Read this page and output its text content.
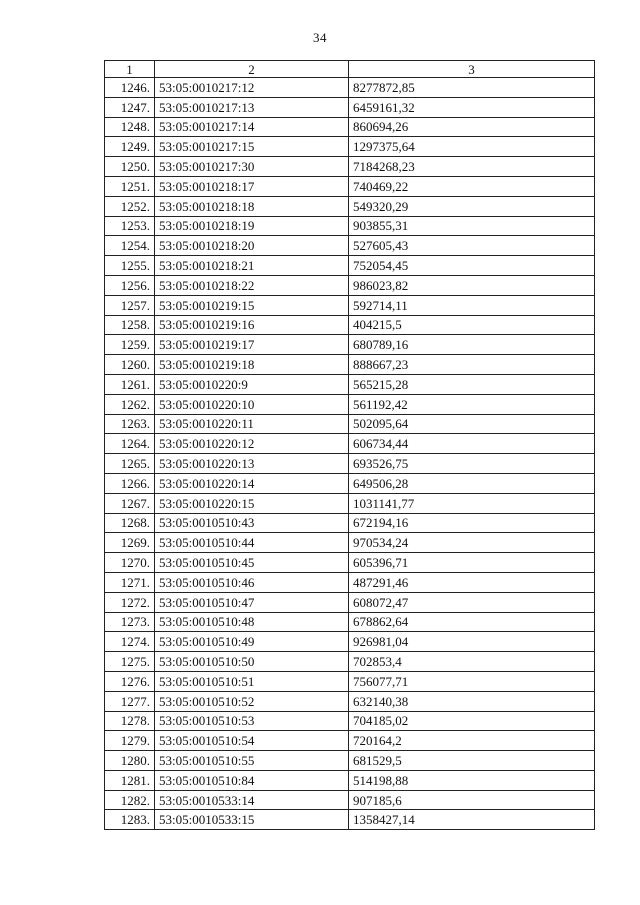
34
1	2	3
1246.	53:05:0010217:12	8277872,85
1247.	53:05:0010217:13	6459161,32
1248.	53:05:0010217:14	860694,26
1249.	53:05:0010217:15	1297375,64
1250.	53:05:0010217:30	7184268,23
1251.	53:05:0010218:17	740469,22
1252.	53:05:0010218:18	549320,29
1253.	53:05:0010218:19	903855,31
1254.	53:05:0010218:20	527605,43
1255.	53:05:0010218:21	752054,45
1256.	53:05:0010218:22	986023,82
1257.	53:05:0010219:15	592714,11
1258.	53:05:0010219:16	404215,5
1259.	53:05:0010219:17	680789,16
1260.	53:05:0010219:18	888667,23
1261.	53:05:0010220:9	565215,28
1262.	53:05:0010220:10	561192,42
1263.	53:05:0010220:11	502095,64
1264.	53:05:0010220:12	606734,44
1265.	53:05:0010220:13	693526,75
1266.	53:05:0010220:14	649506,28
1267.	53:05:0010220:15	1031141,77
1268.	53:05:0010510:43	672194,16
1269.	53:05:0010510:44	970534,24
1270.	53:05:0010510:45	605396,71
1271.	53:05:0010510:46	487291,46
1272.	53:05:0010510:47	608072,47
1273.	53:05:0010510:48	678862,64
1274.	53:05:0010510:49	926981,04
1275.	53:05:0010510:50	702853,4
1276.	53:05:0010510:51	756077,71
1277.	53:05:0010510:52	632140,38
1278.	53:05:0010510:53	704185,02
1279.	53:05:0010510:54	720164,2
1280.	53:05:0010510:55	681529,5
1281.	53:05:0010510:84	514198,88
1282.	53:05:0010533:14	907185,6
1283.	53:05:0010533:15	1358427,14
